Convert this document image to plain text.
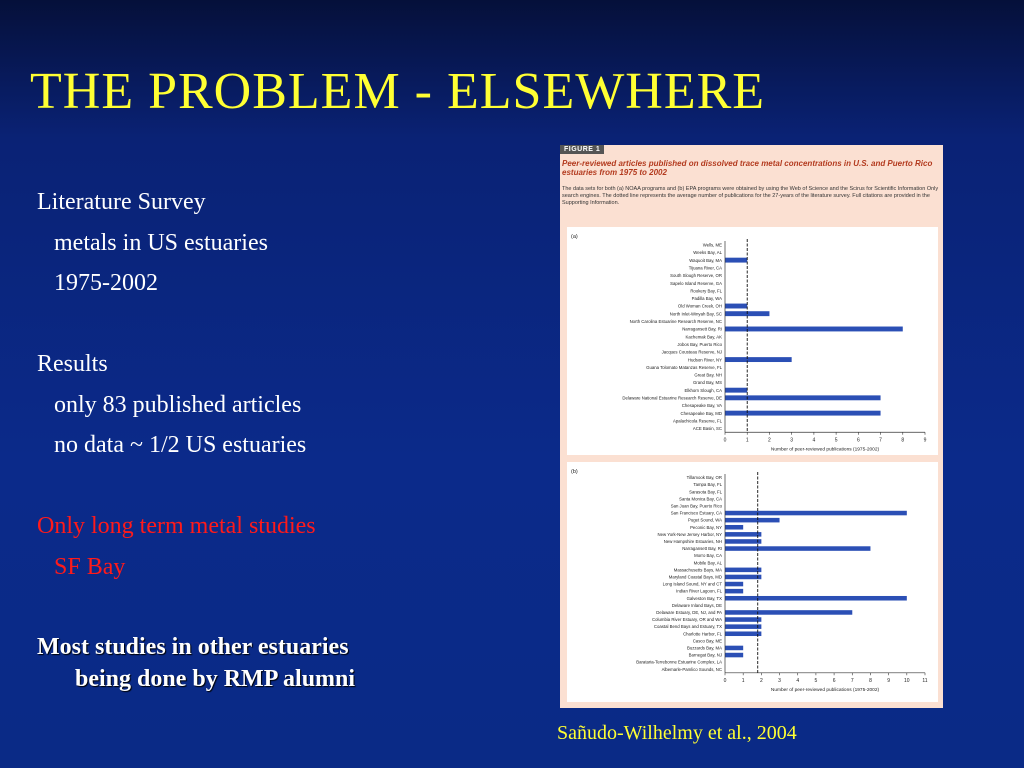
THE PROBLEM - ELSEWHERE
Literature Survey
metals in US estuaries
1975-2002
Results
only 83 published articles
no data ~ 1/2 US estuaries
Only long term metal studies
SF Bay
Most studies in other estuaries
being done by RMP alumni
FIGURE 1
Peer-reviewed articles published on dissolved trace metal concentrations in U.S. and Puerto Rico estuaries from 1975 to 2002
The data sets for both (a) NOAA programs and (b) EPA programs were obtained by using the Web of Science and the Scirus for Scientific Information Only search engines. The dotted line represents the average number of publications for the 27-years of the literature survey. Full citations are provided in the Supporting Information.
(a)
Wells, ME
Weeks Bay, AL
Waquoit Bay, MA
Tijuana River, CA
South Slough Reserve, OR
Sapelo Island Reserve, GA
Rookery Bay, FL
Padilla Bay, WA
Old Woman Creek, OH
North Inlet-Winyah Bay, SC
North Carolina Estuarine Research Reserve, NC
Narragansett Bay, RI
Kachemak Bay, AK
Jobos Bay, Puerto Rico
Jacques Cousteau Reserve, NJ
Hudson River, NY
Guana Tolomato Matanzas Reserve, FL
Great Bay, NH
Grand Bay, MS
Elkhorn Slough, CA
Delaware National Estuarine Research Reserve, DE
Chesapeake Bay, VA
Chesapeake Bay, MD
Apalachicola Reserve, FL
ACE Basin, SC
0	1	2	3	4	5	6	7	8	9
Number of peer-reviewed publications (1975-2002)
(b)
Tillamook Bay, OR
Tampa Bay, FL
Sarasota Bay, FL
Santa Monica Bay, CA
San Juan Bay, Puerto Rico
San Francisco Estuary, CA
Puget Sound, WA
Peconic Bay, NY
New York-New Jersey Harbor, NY
New Hampshire Estuaries, NH
Narragansett Bay, RI
Morro Bay, CA
Mobile Bay, AL
Massachusetts Bays, MA
Maryland Coastal Bays, MD
Long Island Sound, NY and CT
Indian River Lagoon, FL
Galveston Bay, TX
Delaware Inland Bays, DE
Delaware Estuary, DE, NJ, and PA
Columbia River Estuary, OR and WA
Coastal Bend Bays and Estuary, TX
Charlotte Harbor, FL
Casco Bay, ME
Buzzards Bay, MA
Barnegat Bay, NJ
Barataria-Terrebonne Estuarine Complex, LA
Albemarle-Pamlico Sounds, NC
0	1	2	3	4	5	6	7	8	9	10	11
Number of peer-reviewed publications (1975-2002)
Sañudo-Wilhelmy et al., 2004
